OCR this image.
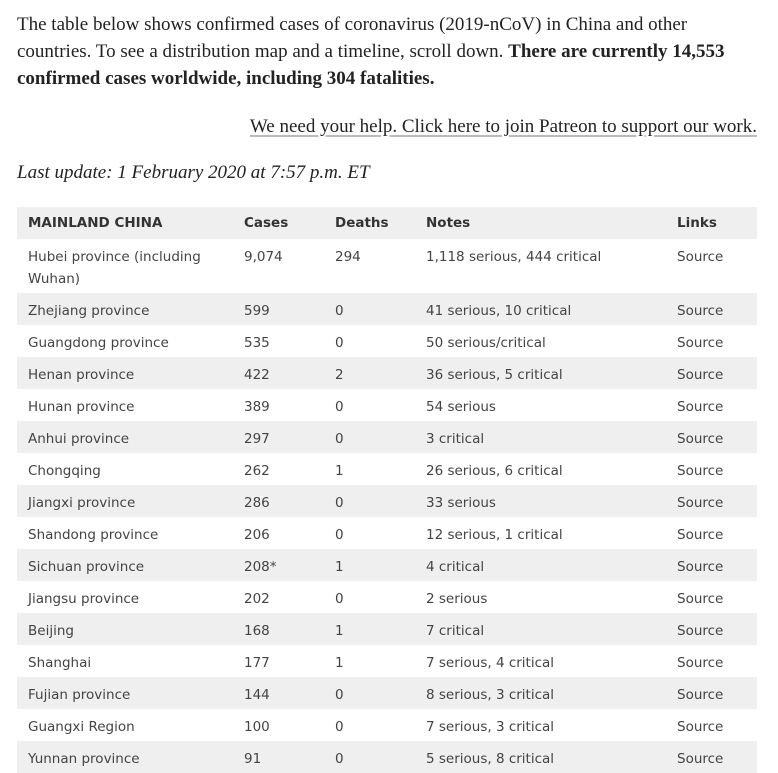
The table below shows confirmed cases of coronavirus (2019-nCoV) in China and other countries. To see a distribution map and a timeline, scroll down. There are currently 14,553 confirmed cases worldwide, including 304 fatalities.

We need your help. Click here to join Patreon to support our work.

Last update: 1 February 2020 at 7:57 p.m. ET

MAINLAND CHINA	Cases	Deaths	Notes	Links
Hubei province (including Wuhan)	9,074	294	1,118 serious, 444 critical	Source
Zhejiang province	599	0	41 serious, 10 critical	Source
Guangdong province	535	0	50 serious/critical	Source
Henan province	422	2	36 serious, 5 critical	Source
Hunan province	389	0	54 serious	Source
Anhui province	297	0	3 critical	Source
Chongqing	262	1	26 serious, 6 critical	Source
Jiangxi province	286	0	33 serious	Source
Shandong province	206	0	12 serious, 1 critical	Source
Sichuan province	208*	1	4 critical	Source
Jiangsu province	202	0	2 serious	Source
Beijing	168	1	7 critical	Source
Shanghai	177	1	7 serious, 4 critical	Source
Fujian province	144	0	8 serious, 3 critical	Source
Guangxi Region	100	0	7 serious, 3 critical	Source
Yunnan province	91	0	5 serious, 8 critical	Source
